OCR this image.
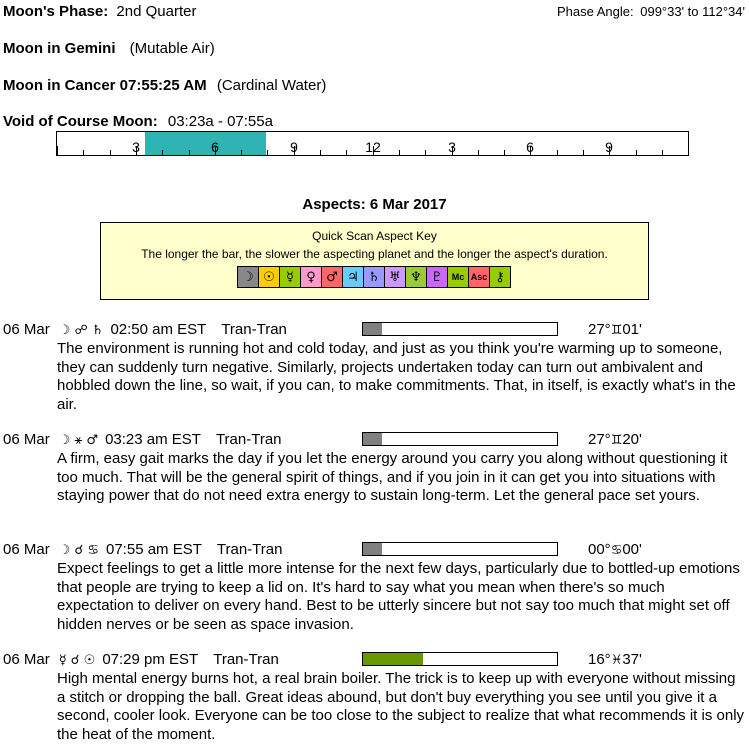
Moon's Phase: 2nd Quarter	Phase Angle: 099°33' to 112°34'
Moon in Gemini (Mutable Air)
Moon in Cancer 07:55:25 AM (Cardinal Water)
Void of Course Moon: 03:23a - 07:55a
3	6	9	12	3	6	9
Aspects: 6 Mar 2017
Quick Scan Aspect Key
The longer the bar, the slower the aspecting planet and the longer the aspect's duration.
☽ ☉ ☿ ♀ ♂ ♃ ♄ ♅ ♆ ♇ Mc Asc ⚷
06 Mar ☽ ☍ ♄ 02:50 am EST Tran-Tran	27°♊01'
The environment is running hot and cold today, and just as you think you're warming up to someone, they can suddenly turn negative. Similarly, projects undertaken today can turn out ambivalent and hobbled down the line, so wait, if you can, to make commitments. That, in itself, is exactly what's in the air.
06 Mar ☽ ⚹ ♂ 03:23 am EST Tran-Tran	27°♊20'
A firm, easy gait marks the day if you let the energy around you carry you along without questioning it too much. That will be the general spirit of things, and if you join in it can get you into situations with staying power that do not need extra energy to sustain long-term. Let the general pace set yours.
06 Mar ☽ ☌ ♋ 07:55 am EST Tran-Tran	00°♋00'
Expect feelings to get a little more intense for the next few days, particularly due to bottled-up emotions that people are trying to keep a lid on. It's hard to say what you mean when there's so much expectation to deliver on every hand. Best to be utterly sincere but not say too much that might set off hidden nerves or be seen as space invasion.
06 Mar ☿ ☌ ☉ 07:29 pm EST Tran-Tran	16°♓37'
High mental energy burns hot, a real brain boiler. The trick is to keep up with everyone without missing a stitch or dropping the ball. Great ideas abound, but don't buy everything you see until you give it a second, cooler look. Everyone can be too close to the subject to realize that what recommends it is only the heat of the moment.
